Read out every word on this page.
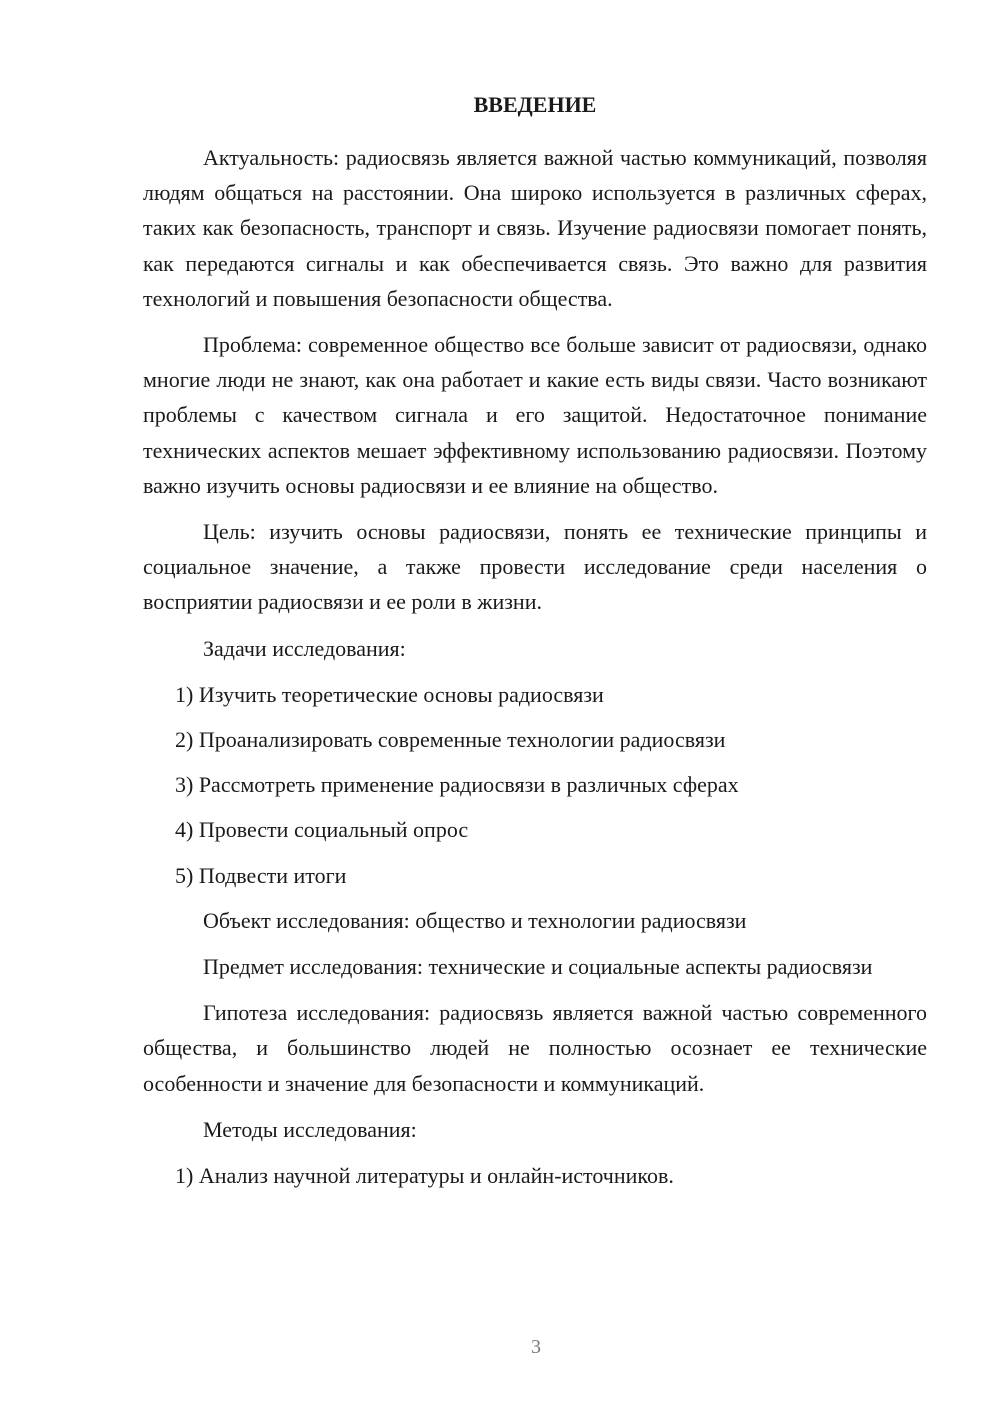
ВВЕДЕНИЕ

Актуальность: радиосвязь является важной частью коммуникаций, позволяя людям общаться на расстоянии. Она широко используется в различных сферах, таких как безопасность, транспорт и связь. Изучение радиосвязи помогает понять, как передаются сигналы и как обеспечивается связь. Это важно для развития технологий и повышения безопасности общества.

Проблема: современное общество все больше зависит от радиосвязи, однако многие люди не знают, как она работает и какие есть виды связи. Часто возникают проблемы с качеством сигнала и его защитой. Недостаточное понимание технических аспектов мешает эффективному использованию радиосвязи. Поэтому важно изучить основы радиосвязи и ее влияние на общество.

Цель: изучить основы радиосвязи, понять ее технические принципы и социальное значение, а также провести исследование среди населения о восприятии радиосвязи и ее роли в жизни.

Задачи исследования:

1) Изучить теоретические основы радиосвязи

2) Проанализировать современные технологии радиосвязи

3) Рассмотреть применение радиосвязи в различных сферах

4) Провести социальный опрос

5) Подвести итоги

Объект исследования: общество и технологии радиосвязи

Предмет исследования: технические и социальные аспекты радиосвязи

Гипотеза исследования: радиосвязь является важной частью современного общества, и большинство людей не полностью осознает ее технические особенности и значение для безопасности и коммуникаций.

Методы исследования:

1) Анализ научной литературы и онлайн-источников.

3
